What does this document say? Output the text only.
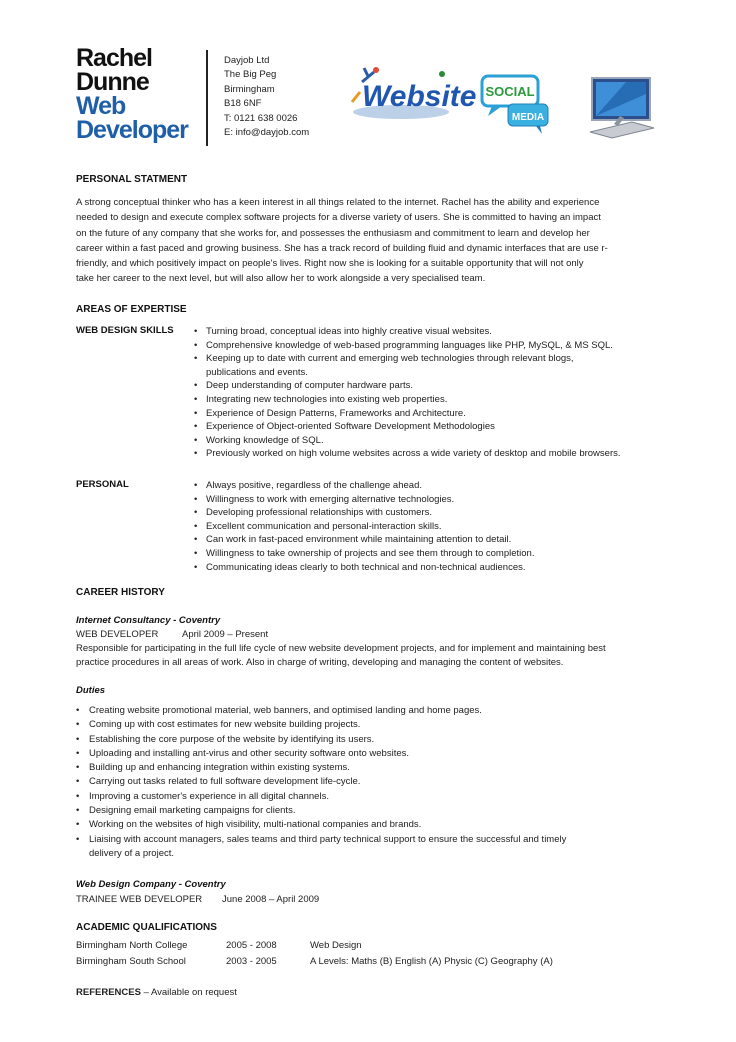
Rachel
Dunne
Web
Developer
Dayjob Ltd
The Big Peg
Birmingham
B18 6NF
T: 0121 638 0026
E: info@dayjob.com
Website SOCIAL
MEDIA
PERSONAL STATMENT
A strong conceptual thinker who has a keen interest in all things related to the internet. Rachel has the ability and experience
needed to design and execute complex software projects for a diverse variety of users. She is committed to having an impact
on the future of any company that she works for, and possesses the enthusiasm and commitment to learn and develop her
career within a fast paced and growing business. She has a track record of building fluid and dynamic interfaces that are use r-
friendly, and which positively impact on people's lives. Right now she is looking for a suitable opportunity that will not only
take her career to the next level, but will also allow her to work alongside a very specialised team.
AREAS OF EXPERTISE
WEB DESIGN SKILLS	• Turning broad, conceptual ideas into highly creative visual websites.
• Comprehensive knowledge of web-based programming languages like PHP, MySQL, & MS SQL.
• Keeping up to date with current and emerging web technologies through relevant blogs,
publications and events.
• Deep understanding of computer hardware parts.
• Integrating new technologies into existing web properties.
• Experience of Design Patterns, Frameworks and Architecture.
• Experience of Object-oriented Software Development Methodologies
• Working knowledge of SQL.
• Previously worked on high volume websites across a wide variety of desktop and mobile browsers.
PERSONAL	• Always positive, regardless of the challenge ahead.
• Willingness to work with emerging alternative technologies.
• Developing professional relationships with customers.
• Excellent communication and personal-interaction skills.
• Can work in fast-paced environment while maintaining attention to detail.
• Willingness to take ownership of projects and see them through to completion.
• Communicating ideas clearly to both technical and non-technical audiences.
CAREER HISTORY
Internet Consultancy - Coventry
WEB DEVELOPER April 2009 – Present
Responsible for participating in the full life cycle of new website development projects, and for implement and maintaining best
practice procedures in all areas of work. Also in charge of writing, developing and managing the content of websites.
Duties
• Creating website promotional material, web banners, and optimised landing and home pages.
• Coming up with cost estimates for new website building projects.
• Establishing the core purpose of the website by identifying its users.
• Uploading and installing ant-virus and other security software onto websites.
• Building up and enhancing integration within existing systems.
• Carrying out tasks related to full software development life-cycle.
• Improving a customer's experience in all digital channels.
• Designing email marketing campaigns for clients.
• Working on the websites of high visibility, multi-national companies and brands.
• Liaising with account managers, sales teams and third party technical support to ensure the successful and timely
delivery of a project.
Web Design Company - Coventry
TRAINEE WEB DEVELOPER June 2008 – April 2009
ACADEMIC QUALIFICATIONS
Birmingham North College	2005 - 2008	Web Design
Birmingham South School	2003 - 2005	A Levels: Maths (B) English (A) Physic (C) Geography (A)
REFERENCES – Available on request
